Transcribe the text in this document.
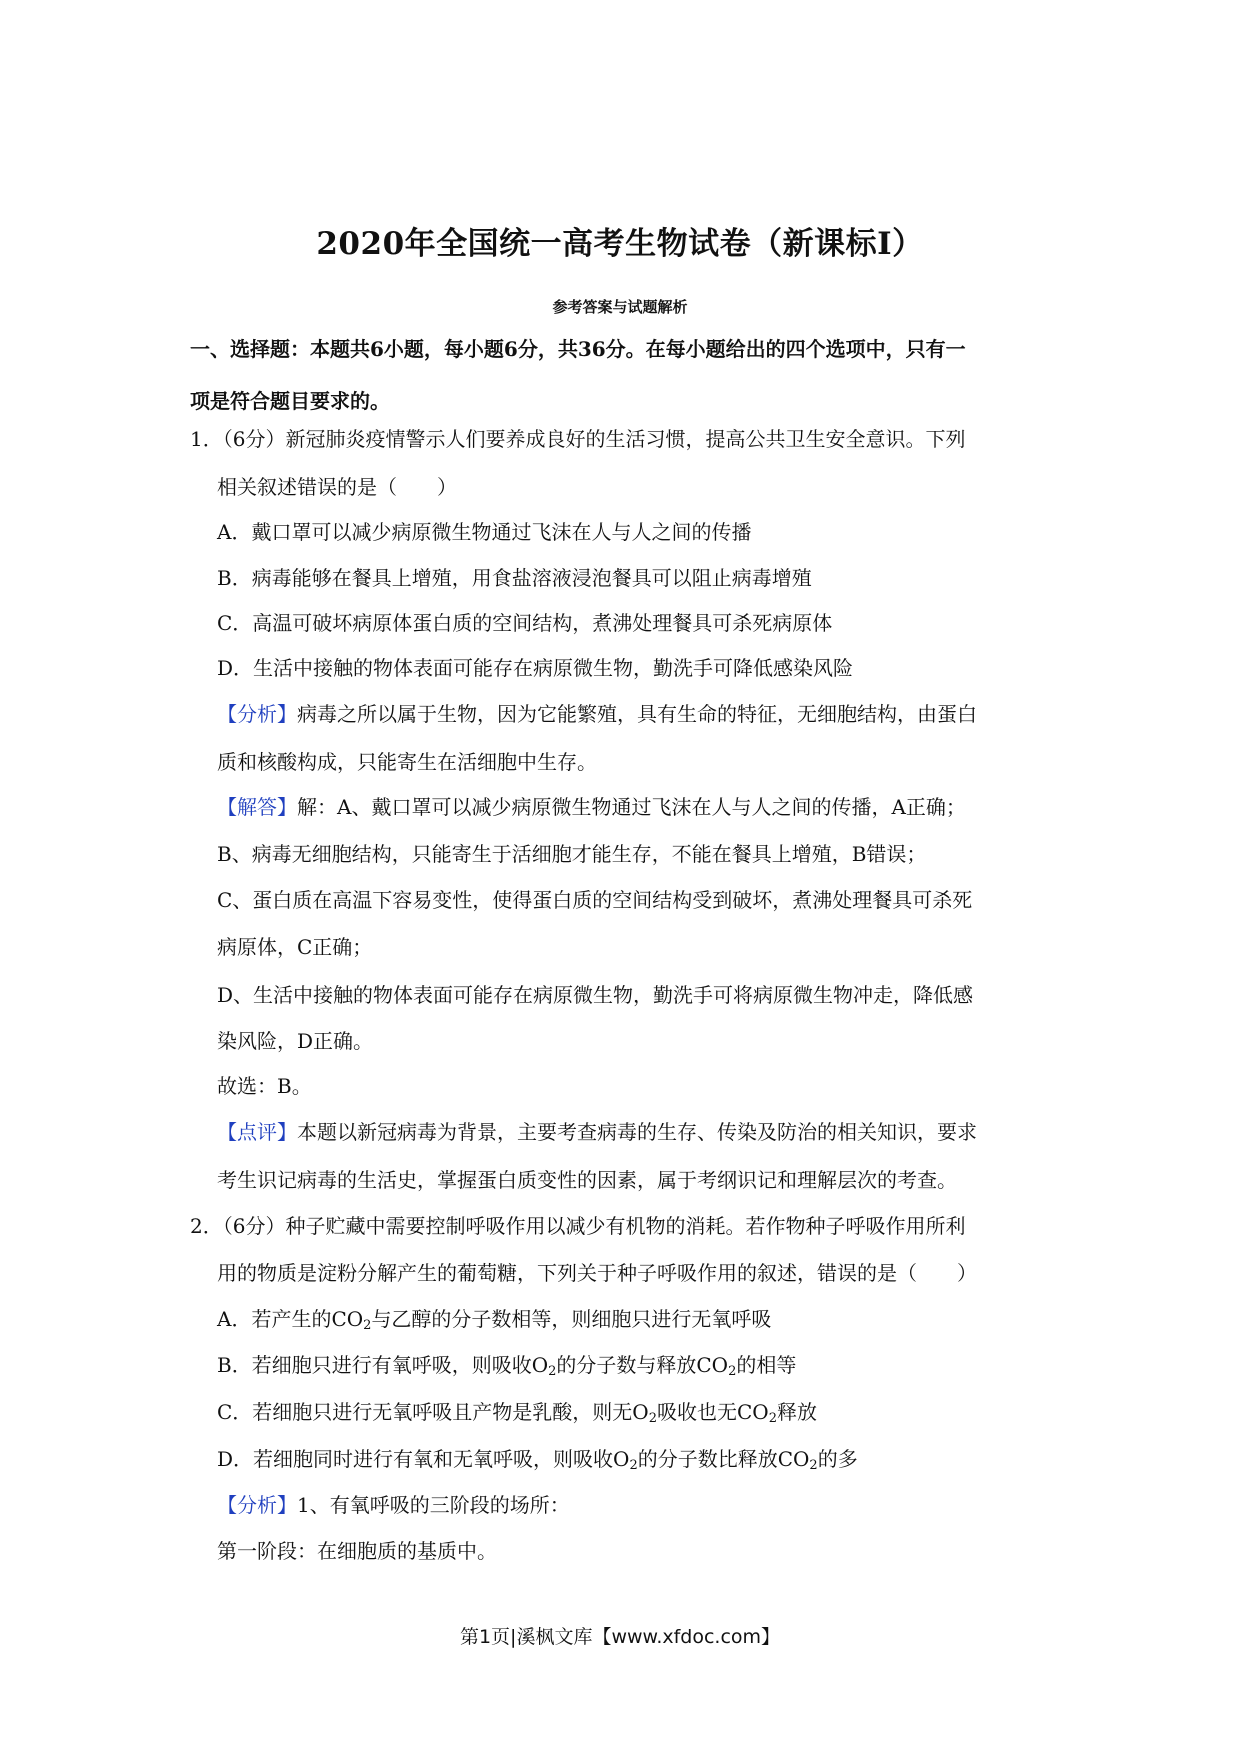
2020年全国统一高考生物试卷（新课标Ⅰ）
参考答案与试题解析
一、选择题：本题共6小题，每小题6分，共36分。在每小题给出的四个选项中，只有一
项是符合题目要求的。
1．（6分）新冠肺炎疫情警示人们要养成良好的生活习惯，提高公共卫生安全意识。下列
相关叙述错误的是（　　）
A．戴口罩可以减少病原微生物通过飞沫在人与人之间的传播
B．病毒能够在餐具上增殖，用食盐溶液浸泡餐具可以阻止病毒增殖
C．高温可破坏病原体蛋白质的空间结构，煮沸处理餐具可杀死病原体
D．生活中接触的物体表面可能存在病原微生物，勤洗手可降低感染风险
【分析】病毒之所以属于生物，因为它能繁殖，具有生命的特征，无细胞结构，由蛋白
质和核酸构成，只能寄生在活细胞中生存。
【解答】解：A、戴口罩可以减少病原微生物通过飞沫在人与人之间的传播，A正确；
B、病毒无细胞结构，只能寄生于活细胞才能生存，不能在餐具上增殖，B错误；
C、蛋白质在高温下容易变性，使得蛋白质的空间结构受到破坏，煮沸处理餐具可杀死
病原体，C正确；
D、生活中接触的物体表面可能存在病原微生物，勤洗手可将病原微生物冲走，降低感
染风险，D正确。
故选：B。
【点评】本题以新冠病毒为背景，主要考查病毒的生存、传染及防治的相关知识，要求
考生识记病毒的生活史，掌握蛋白质变性的因素，属于考纲识记和理解层次的考查。
2．（6分）种子贮藏中需要控制呼吸作用以减少有机物的消耗。若作物种子呼吸作用所利
用的物质是淀粉分解产生的葡萄糖，下列关于种子呼吸作用的叙述，错误的是（　　）
A．若产生的$CO_2$与乙醇的分子数相等，则细胞只进行无氧呼吸
B．若细胞只进行有氧呼吸，则吸收$O_2$的分子数与释放$CO_2$的相等
C．若细胞只进行无氧呼吸且产物是乳酸，则无$O_2$吸收也无$CO_2$释放
D．若细胞同时进行有氧和无氧呼吸，则吸收$O_2$的分子数比释放$CO_2$的多
【分析】1、有氧呼吸的三阶段的场所：
第一阶段：在细胞质的基质中。
第1页|溪枫文库【www.xfdoc.com】
